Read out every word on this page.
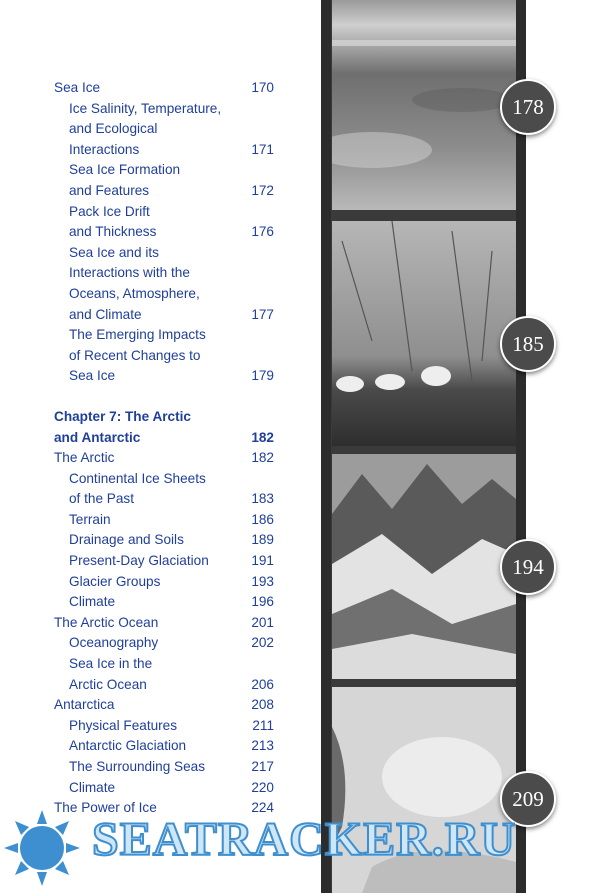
Sea Ice	170
Ice Salinity, Temperature,
and Ecological
Interactions	171
Sea Ice Formation
and Features	172
Pack Ice Drift
and Thickness	176
Sea Ice and its
Interactions with the
Oceans, Atmosphere,
and Climate	177
The Emerging Impacts
of Recent Changes to
Sea Ice	179
Chapter 7: The Arctic
and Antarctic	182
The Arctic	182
Continental Ice Sheets
of the Past	183
Terrain	186
Drainage and Soils	189
Present-Day Glaciation	191
Glacier Groups	193
Climate	196
The Arctic Ocean	201
Oceanography	202
Sea Ice in the
Arctic Ocean	206
Antarctica	208
Physical Features	211
Antarctic Glaciation	213
The Surrounding Seas	217
Climate	220
The Power of Ice	224
178
185
194
209
SEATRACKER.RU
